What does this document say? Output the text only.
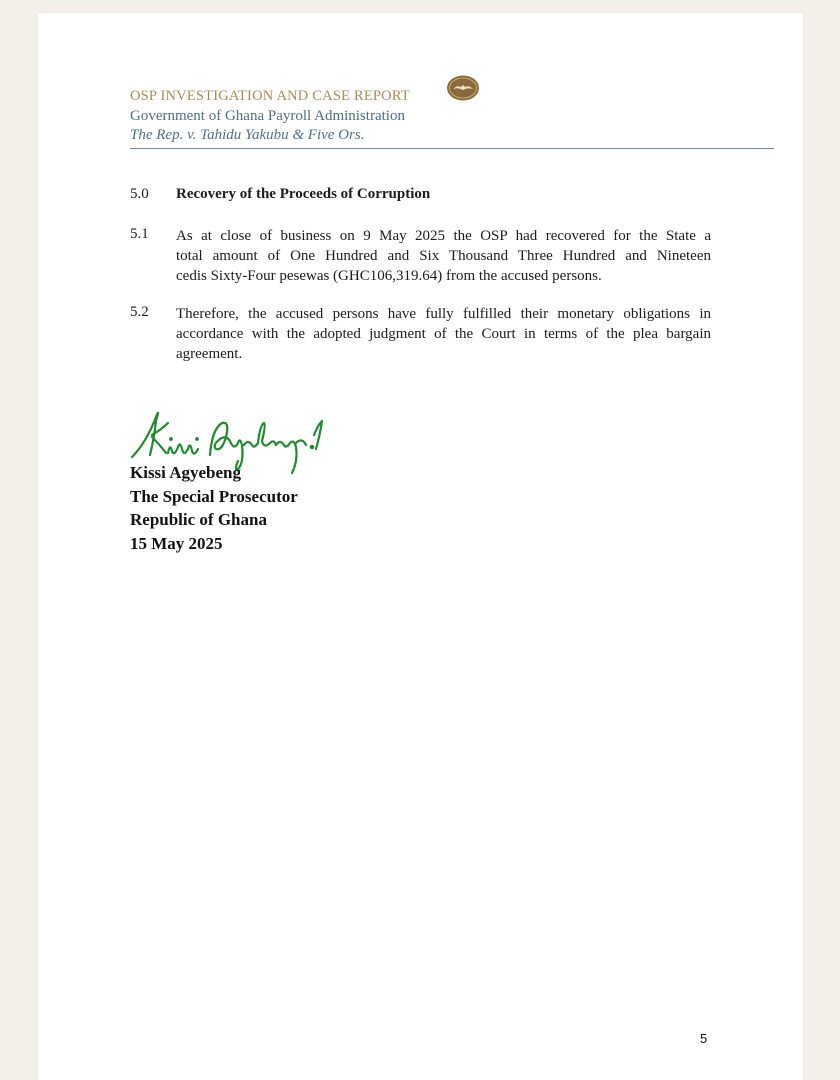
OSP INVESTIGATION AND CASE REPORT
Government of Ghana Payroll Administration
The Rep. v. Tahidu Yakubu & Five Ors.
5.0 Recovery of the Proceeds of Corruption
5.1 As at close of business on 9 May 2025 the OSP had recovered for the State a
total amount of One Hundred and Six Thousand Three Hundred and Nineteen
cedis Sixty-Four pesewas (GHC106,319.64) from the accused persons.
5.2 Therefore, the accused persons have fully fulfilled their monetary obligations in
accordance with the adopted judgment of the Court in terms of the plea bargain
agreement.
Kissi Agyebeng
The Special Prosecutor
Republic of Ghana
15 May 2025
5
